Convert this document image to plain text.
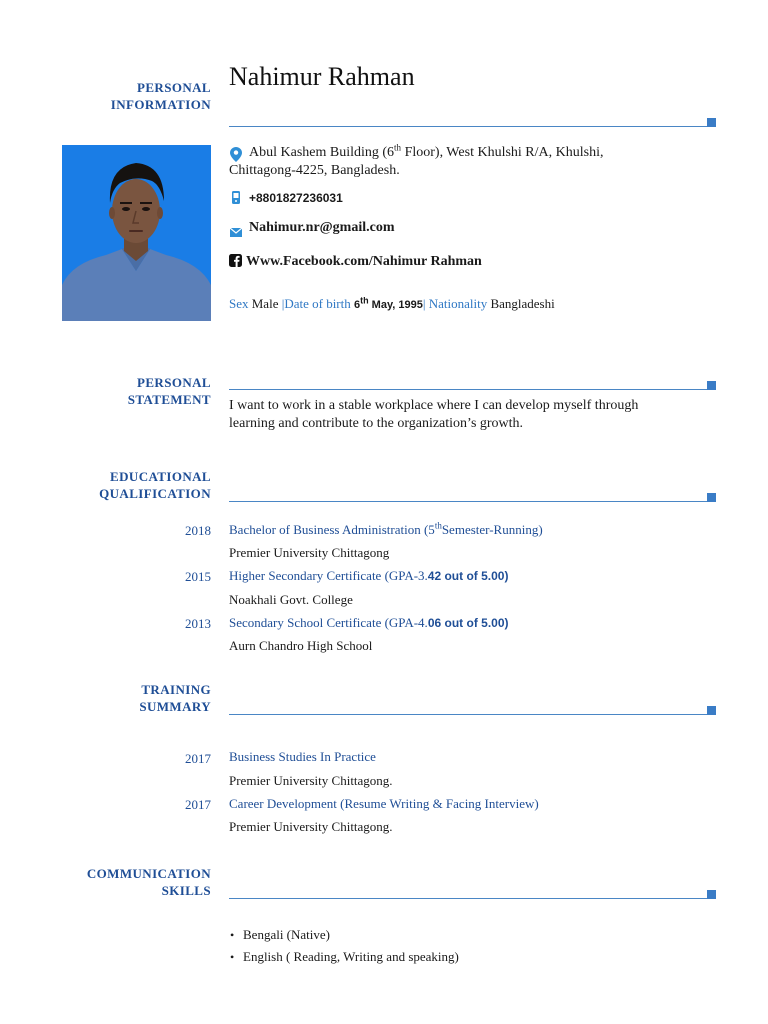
PERSONAL
INFORMATION
Nahimur Rahman
Abul Kashem Building (6th Floor), West Khulshi R/A, Khulshi,
Chittagong-4225, Bangladesh.
+8801827236031
Nahimur.nr@gmail.com
Www.Facebook.com/Nahimur Rahman
Sex Male |Date of birth 6th May, 1995| Nationality Bangladeshi
PERSONAL
STATEMENT I want to work in a stable workplace where I can develop myself through
learning and contribute to the organization’s growth.
EDUCATIONAL
QUALIFICATION
2018 Bachelor of Business Administration (5thSemester-Running)
Premier University Chittagong
2015 Higher Secondary Certificate (GPA-3.42 out of 5.00)
Noakhali Govt. College
2013 Secondary School Certificate (GPA-4.06 out of 5.00)
Aurn Chandro High School
TRAINING
SUMMARY
2017 Business Studies In Practice
Premier University Chittagong.
2017 Career Development (Resume Writing & Facing Interview)
Premier University Chittagong.
COMMUNICATION
SKILLS
• Bengali (Native)
• English ( Reading, Writing and speaking)
